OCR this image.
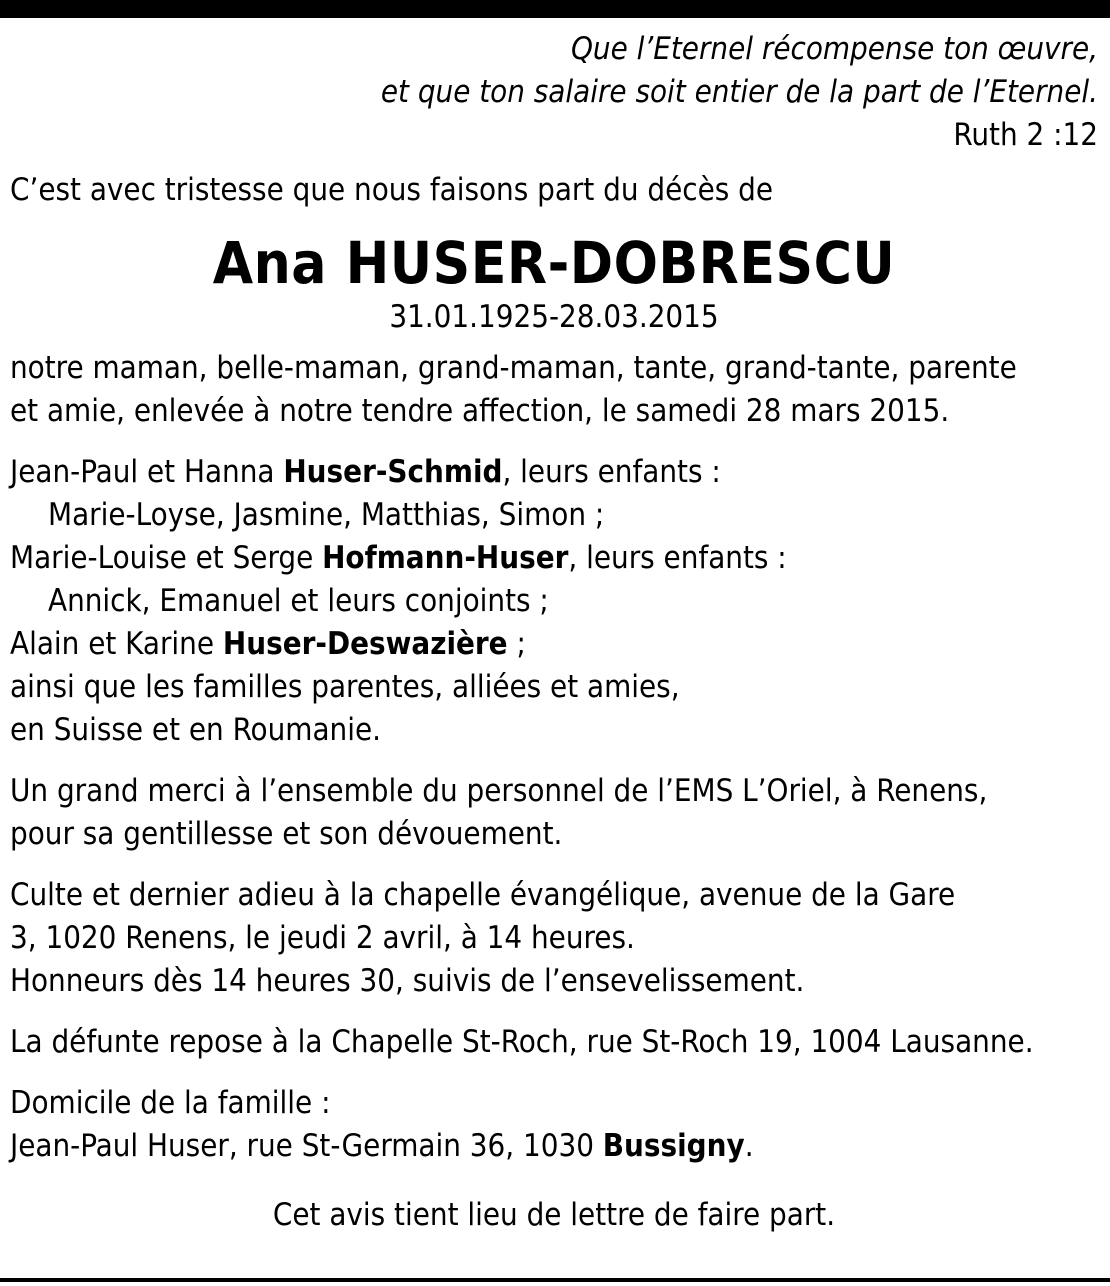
Que l’Eternel récompense ton œuvre,
et que ton salaire soit entier de la part de l’Eternel.
Ruth 2 :12

C’est avec tristesse que nous faisons part du décès de

Ana HUSER-DOBRESCU
31.01.1925-28.03.2015
notre maman, belle-maman, grand-maman, tante, grand-tante, parente
et amie, enlevée à notre tendre affection, le samedi 28 mars 2015.
Jean-Paul et Hanna Huser-Schmid, leurs enfants :
Marie-Loyse, Jasmine, Matthias, Simon ;
Marie-Louise et Serge Hofmann-Huser, leurs enfants :
Annick, Emanuel et leurs conjoints ;
Alain et Karine Huser-Deswazière ;
ainsi que les familles parentes, alliées et amies,
en Suisse et en Roumanie.
Un grand merci à l’ensemble du personnel de l’EMS L’Oriel, à Renens,
pour sa gentillesse et son dévouement.
Culte et dernier adieu à la chapelle évangélique, avenue de la Gare
3, 1020 Renens, le jeudi 2 avril, à 14 heures.
Honneurs dès 14 heures 30, suivis de l’ensevelissement.

La défunte repose à la Chapelle St-Roch, rue St-Roch 19, 1004 Lausanne.

Domicile de la famille :
Jean-Paul Huser, rue St-Germain 36, 1030 Bussigny.

Cet avis tient lieu de lettre de faire part.
